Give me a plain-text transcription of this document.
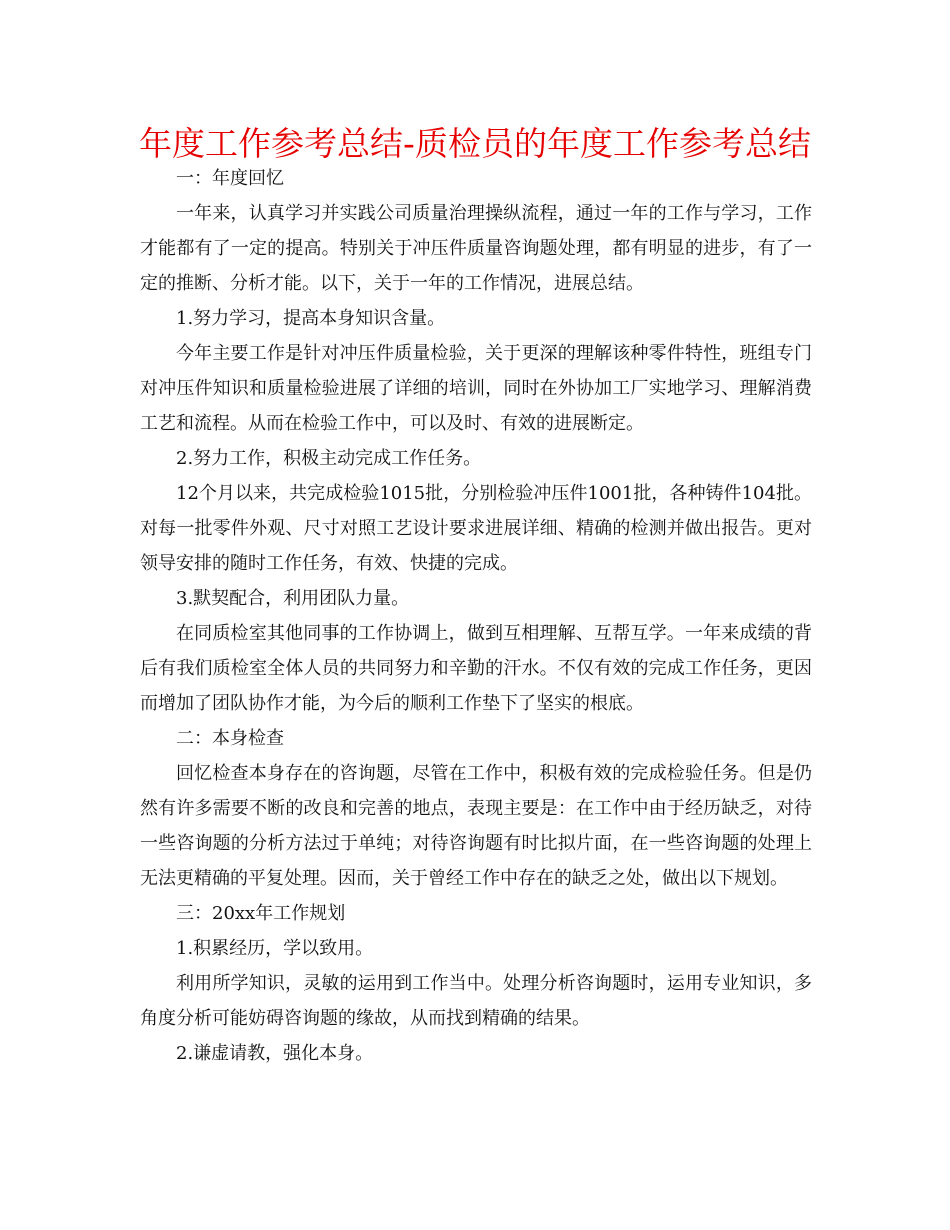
年度工作参考总结-质检员的年度工作参考总结

一：年度回忆

一年来，认真学习并实践公司质量治理操纵流程，通过一年的工作与学习，工作才能都有了一定的提高。特别关于冲压件质量咨询题处理，都有明显的进步，有了一定的推断、分析才能。以下，关于一年的工作情况，进展总结。

1.努力学习，提高本身知识含量。

今年主要工作是针对冲压件质量检验，关于更深的理解该种零件特性，班组专门对冲压件知识和质量检验进展了详细的培训，同时在外协加工厂实地学习、理解消费工艺和流程。从而在检验工作中，可以及时、有效的进展断定。

2.努力工作，积极主动完成工作任务。

12个月以来，共完成检验1015批，分别检验冲压件1001批，各种铸件104批。对每一批零件外观、尺寸对照工艺设计要求进展详细、精确的检测并做出报告。更对领导安排的随时工作任务，有效、快捷的完成。

3.默契配合，利用团队力量。

在同质检室其他同事的工作协调上，做到互相理解、互帮互学。一年来成绩的背后有我们质检室全体人员的共同努力和辛勤的汗水。不仅有效的完成工作任务，更因而增加了团队协作才能，为今后的顺利工作垫下了坚实的根底。

二：本身检查

回忆检查本身存在的咨询题，尽管在工作中，积极有效的完成检验任务。但是仍然有许多需要不断的改良和完善的地点，表现主要是：在工作中由于经历缺乏，对待一些咨询题的分析方法过于单纯；对待咨询题有时比拟片面，在一些咨询题的处理上无法更精确的平复处理。因而，关于曾经工作中存在的缺乏之处，做出以下规划。

三：20xx年工作规划

1.积累经历，学以致用。

利用所学知识，灵敏的运用到工作当中。处理分析咨询题时，运用专业知识，多角度分析可能妨碍咨询题的缘故，从而找到精确的结果。

2.谦虚请教，强化本身。
